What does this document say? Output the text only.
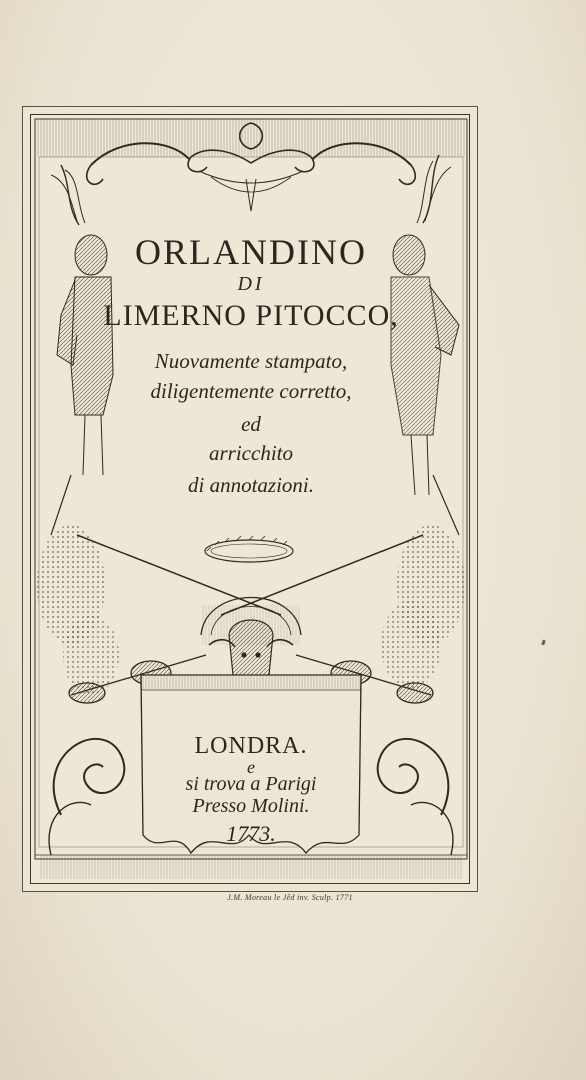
ORLANDINO
DI
LIMERNO PITOCCO,
Nuovamente stampato,
diligentemente corretto,
ed
arricchito
di annotazioni.
LONDRA.
e
si trova a Parigi
Presso Molini.
1773.
J.M. Moreau le Jêd inv. Sculp. 1771
